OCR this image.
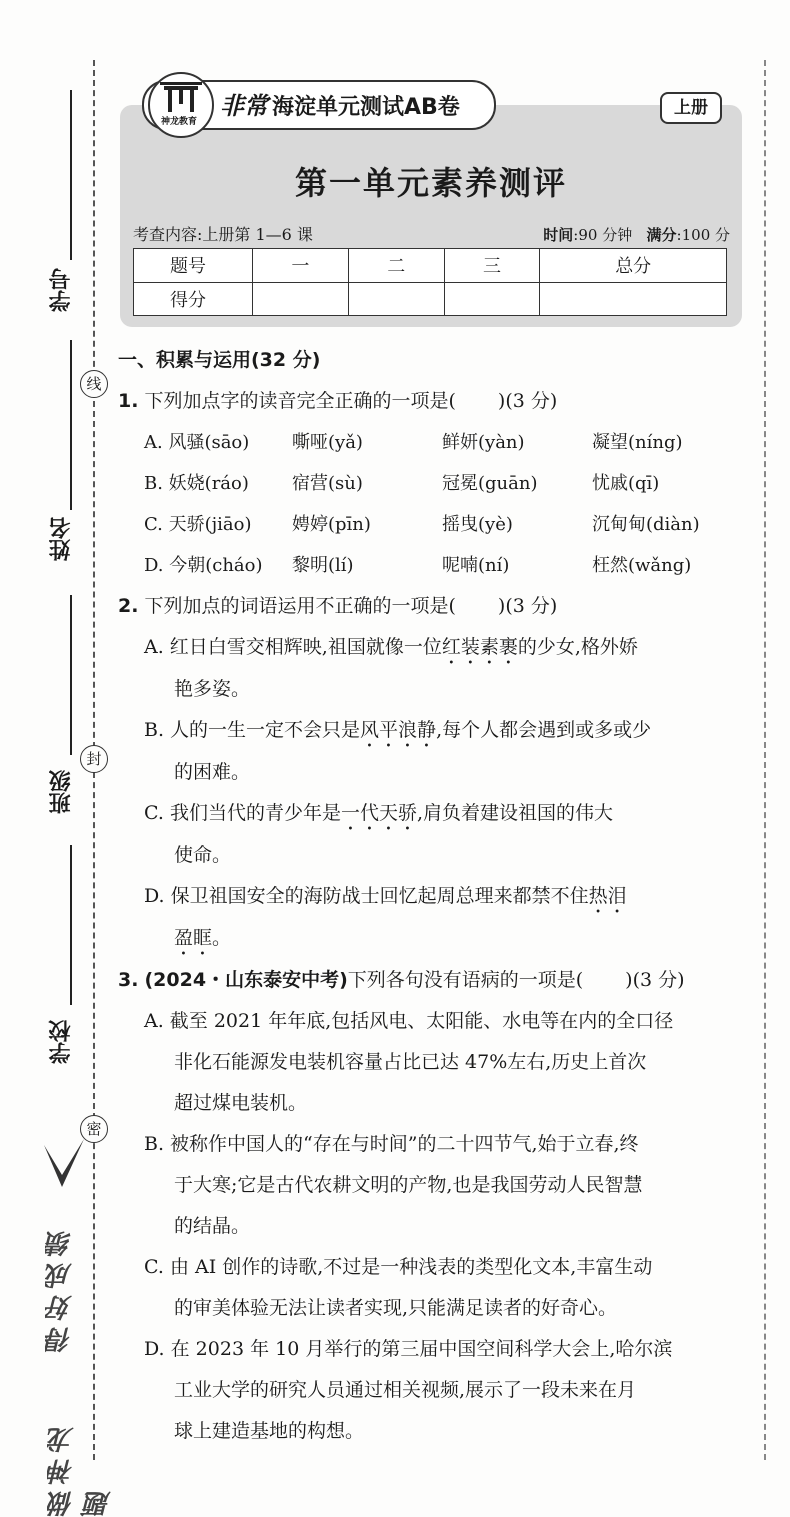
学号
线
姓名
封
班级
学校
密
得好成绩
做神龙题
神龙教育
非常 海淀单元测试AB卷	上册
第一单元素养测评
考查内容:上册第 1—6 课	时间:90 分钟 满分:100 分
题号	一	二	三	总分
得分				

一、积累与运用(32 分)

1. 下列加点字的读音完全正确的一项是( )(3 分)

A. 风骚(sāo)	嘶哑(yǎ)	鲜妍(yàn)	凝望(níng)
B. 妖娆(ráo)	宿营(sù)	冠冕(guān)	忧戚(qī)
C. 天骄(jiāo)	娉婷(pīn)	摇曳(yè)	沉甸甸(diàn)
D. 今朝(cháo)	黎明(lí)	呢喃(ní)	枉然(wǎng)

2. 下列加点的词语运用不正确的一项是( )(3 分)

A. 红日白雪交相辉映,祖国就像一位红装素裹的少女,格外娇
艳多姿。

B. 人的一生一定不会只是风平浪静,每个人都会遇到或多或少
的困难。

C. 我们当代的青少年是一代天骄,肩负着建设祖国的伟大
使命。

D. 保卫祖国安全的海防战士回忆起周总理来都禁不住热泪
盈眶。

3. (2024・山东泰安中考)下列各句没有语病的一项是( )(3 分)

A. 截至 2021 年年底,包括风电、太阳能、水电等在内的全口径
非化石能源发电装机容量占比已达 47%左右,历史上首次
超过煤电装机。

B. 被称作中国人的“存在与时间”的二十四节气,始于立春,终
于大寒;它是古代农耕文明的产物,也是我国劳动人民智慧
的结晶。

C. 由 AI 创作的诗歌,不过是一种浅表的类型化文本,丰富生动
的审美体验无法让读者实现,只能满足读者的好奇心。

D. 在 2023 年 10 月举行的第三届中国空间科学大会上,哈尔滨
工业大学的研究人员通过相关视频,展示了一段未来在月
球上建造基地的构想。
